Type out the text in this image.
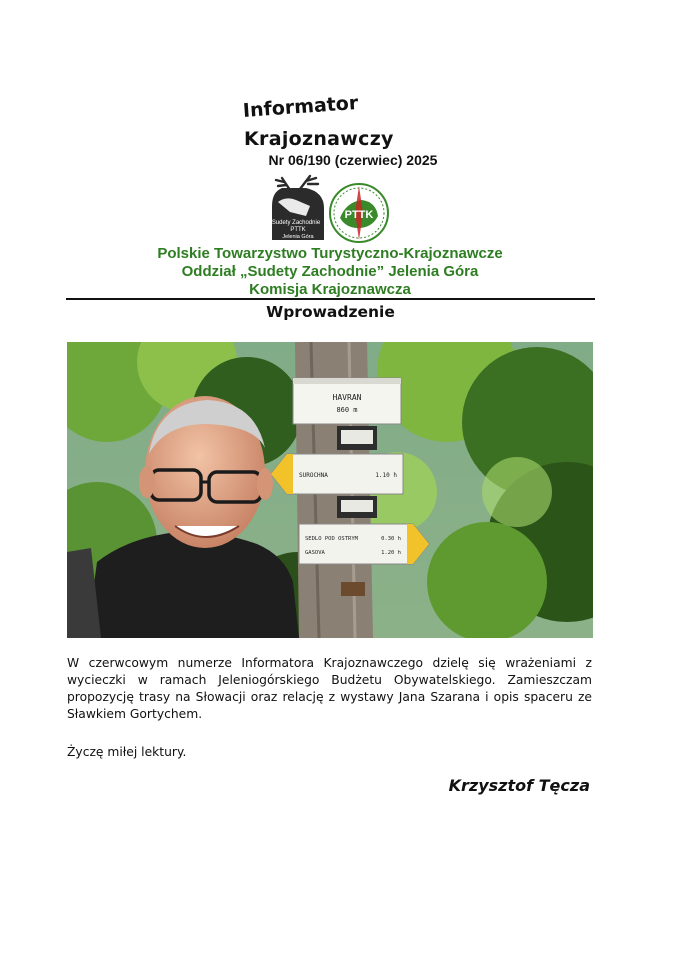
Informator
Krajoznawczy
Nr 06/190 (czerwiec) 2025
Sudety Zachodnie
PTTK
Jelenia Góra
PTTK
Polskie Towarzystwo Turystyczno-Krajoznawcze
Oddział „Sudety Zachodnie” Jelenia Góra
Komisja Krajoznawcza
Wprowadzenie
HAVRAN
860 m
SUROCHNA	1.10 h
SEDLO POD OSTRYM	0.30 h
GASOVA	1.20 h

W czerwcowym numerze Informatora Krajoznawczego dzielę się wrażeniami z wycieczki w ramach Jeleniogórskiego Budżetu Obywatelskiego. Zamieszczam propozycję trasy na Słowacji oraz relację z wystawy Jana Szarana i opis spaceru ze Sławkiem Gortychem.

Życzę miłej lektury.
Krzysztof Tęcza
